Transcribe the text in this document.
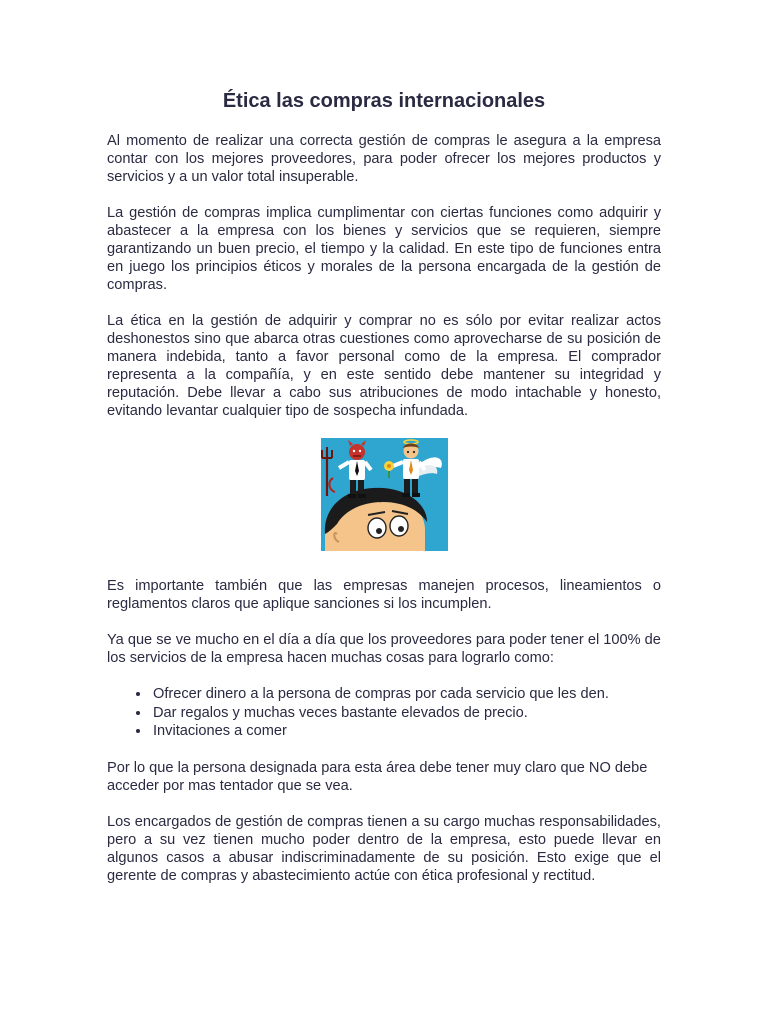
Ética las compras internacionales

Al momento de realizar una correcta gestión de compras le asegura a la empresa contar con los mejores proveedores, para poder ofrecer los mejores productos y servicios y a un valor total insuperable.

La gestión de compras implica cumplimentar con ciertas funciones como adquirir y abastecer a la empresa con los bienes y servicios que se requieren, siempre garantizando un buen precio, el tiempo y la calidad. En este tipo de funciones entra en juego los principios éticos y morales de la persona encargada de la gestión de compras.

La ética en la gestión de adquirir y comprar no es sólo por evitar realizar actos deshonestos sino que abarca otras cuestiones como aprovecharse de su posición de manera indebida, tanto a favor personal como de la empresa. El comprador representa a la compañía, y en este sentido debe mantener su integridad y reputación. Debe llevar a cabo sus atribuciones de modo intachable y honesto, evitando levantar cualquier tipo de sospecha infundada.

Es importante también que las empresas manejen procesos, lineamientos o reglamentos claros que aplique sanciones si los incumplen.

Ya que se ve mucho en el día a día que los proveedores para poder tener el 100% de los servicios de la empresa hacen muchas cosas para lograrlo como:

• Ofrecer dinero a la persona de compras por cada servicio que les den.
• Dar regalos y muchas veces bastante elevados de precio.
• Invitaciones a comer

Por lo que la persona designada para esta área debe tener muy claro que NO debe acceder por mas tentador que se vea.

Los encargados de gestión de compras tienen a su cargo muchas responsabilidades, pero a su vez tienen mucho poder dentro de la empresa, esto puede llevar en algunos casos a abusar indiscriminadamente de su posición. Esto exige que el gerente de compras y abastecimiento actúe con ética profesional y rectitud.
